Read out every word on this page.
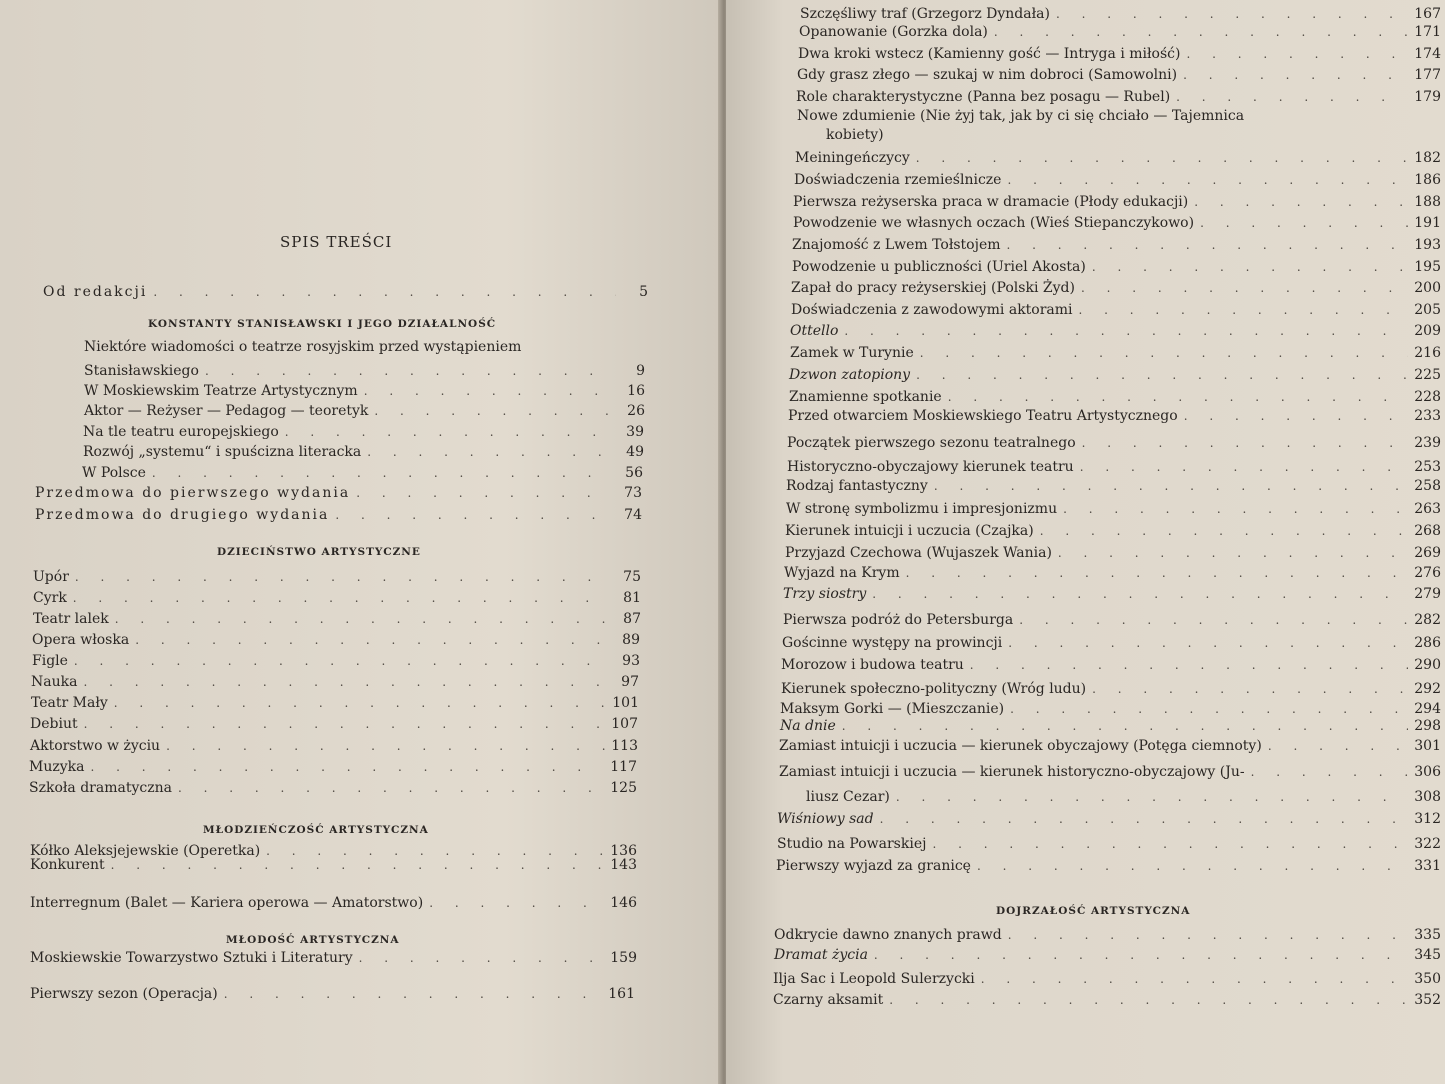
SPIS TREŚCI
Od redakcji . . .	5
KONSTANTY STANISŁAWSKI I JEGO DZIAŁALNOŚĆ
Niektóre wiadomości o teatrze rosyjskim przed wystąpieniem
Stanisławskiego . . .	9
W Moskiewskim Teatrze Artystycznym . . .	16
Aktor — Reżyser — Pedagog — teoretyk . . .	26
Na tle teatru europejskiego . . .	39
Rozwój „systemu“ i spuścizna literacka . . .	49
W Polsce . . .	56
Przedmowa do pierwszego wydania . . .	73
Przedmowa do drugiego wydania . . .	74
DZIECIŃSTWO ARTYSTYCZNE
Upór . . .	75
Cyrk . . .	81
Teatr lalek . . .	87
Opera włoska . . .	89
Figle . . .	93
Nauka . . .	97
Teatr Mały . . .	101
Debiut . . .	107
Aktorstwo w życiu . . .	113
Muzyka . . .	117
Szkoła dramatyczna . . .	125
MŁODZIEŃCZOŚĆ ARTYSTYCZNA
Kółko Aleksjejewskie (Operetka) . . .	136
Konkurent . . .	143
Interregnum (Balet — Kariera operowa — Amatorstwo) . . .	146
MŁODOŚĆ ARTYSTYCZNA
Moskiewskie Towarzystwo Sztuki i Literatury . . .	159
Pierwszy sezon (Operacja) . . .	161
Szczęśliwy traf (Grzegorz Dyndała) . . .	167
Opanowanie (Gorzka dola) . . .	171
Dwa kroki wstecz (Kamienny gość — Intryga i miłość) . . .	174
Gdy grasz złego — szukaj w nim dobroci (Samowolni) . . .	177
Role charakterystyczne (Panna bez posagu — Rubel) . . .	179
Nowe zdumienie (Nie żyj tak, jak by ci się chciało — Tajemnica
kobiety)
Meiningeńczycy . . .	182
Doświadczenia rzemieślnicze . . .	186
Pierwsza reżyserska praca w dramacie (Płody edukacji) . . .	188
Powodzenie we własnych oczach (Wieś Stiepanczykowo) . . .	191
Znajomość z Lwem Tołstojem . . .	193
Powodzenie u publiczności (Uriel Akosta) . . .	195
Zapał do pracy reżyserskiej (Polski Żyd) . . .	200
Doświadczenia z zawodowymi aktorami . . .	205
Ottello . . .	209
Zamek w Turynie . . .	216
Dzwon zatopiony . . .	225
Znamienne spotkanie . . .	228
Przed otwarciem Moskiewskiego Teatru Artystycznego . . .	233
Początek pierwszego sezonu teatralnego . . .	239
Historyczno-obyczajowy kierunek teatru . . .	253
Rodzaj fantastyczny . . .	258
W stronę symbolizmu i impresjonizmu . . .	263
Kierunek intuicji i uczucia (Czajka) . . .	268
Przyjazd Czechowa (Wujaszek Wania) . . .	269
Wyjazd na Krym . . .	276
Trzy siostry . . .	279
Pierwsza podróż do Petersburga . . .	282
Gościnne występy na prowincji . . .	286
Morozow i budowa teatru . . .	290
Kierunek społeczno-polityczny (Wróg ludu) . . .	292
Maksym Gorki — (Mieszczanie) . . .	294
Na dnie . . .	298
Zamiast intuicji i uczucia — kierunek obyczajowy (Potęga ciemnoty) . . .	301
Zamiast intuicji i uczucia — kierunek historyczno-obyczajowy (Ju- . . .	306
liusz Cezar) . . .	308
Wiśniowy sad . . .	312
Studio na Powarskiej . . .	322
Pierwszy wyjazd za granicę . . .	331
DOJRZAŁOŚĆ ARTYSTYCZNA
Odkrycie dawno znanych prawd . . .	335
Dramat życia . . .	345
Ilja Sac i Leopold Sulerzycki . . .	350
Czarny aksamit . . .	352
